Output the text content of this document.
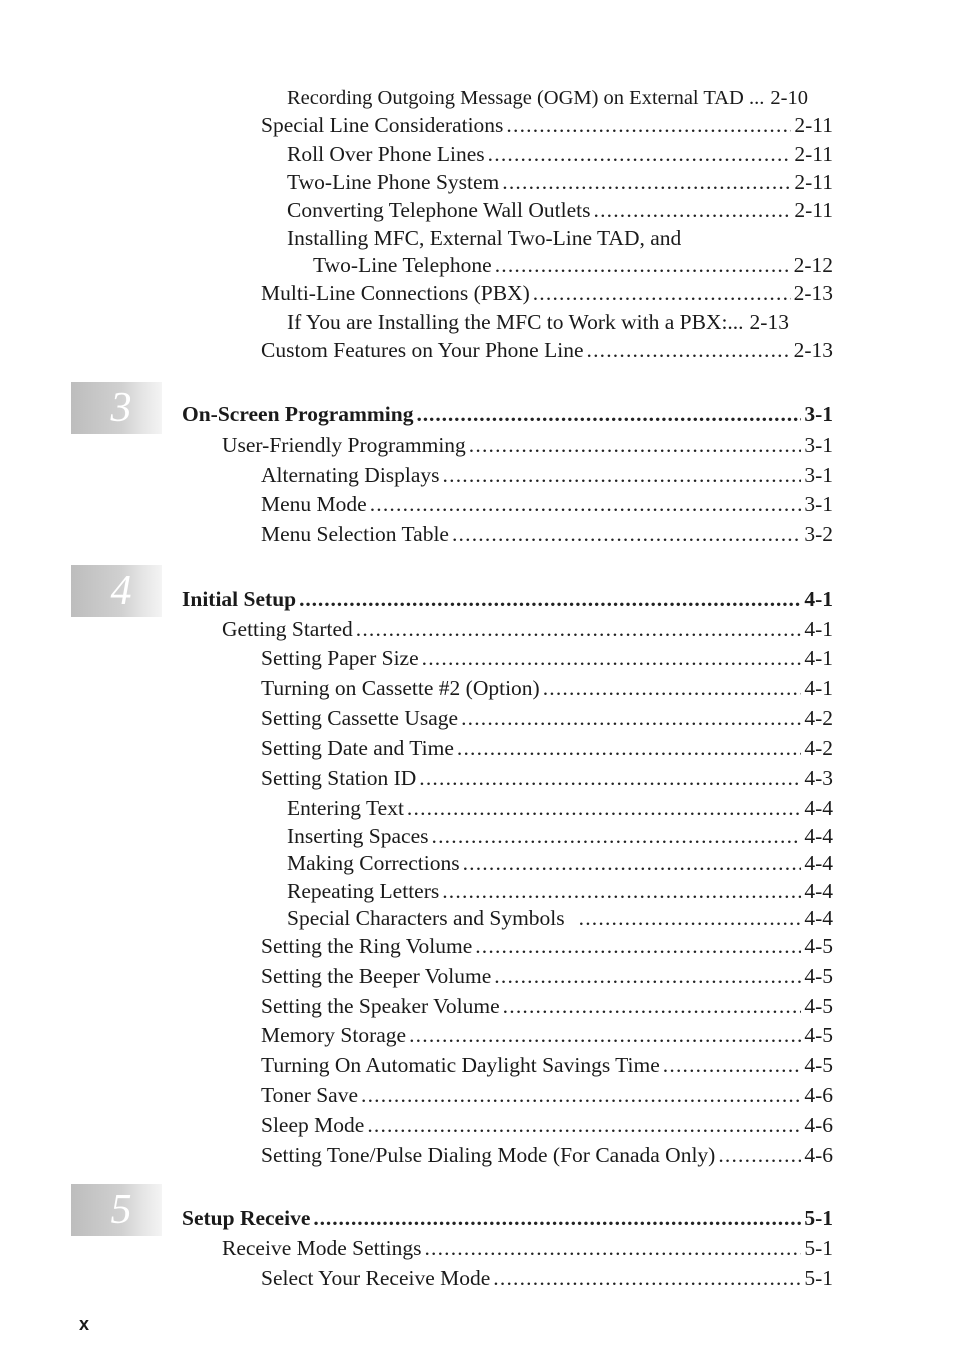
Recording Outgoing Message (OGM) on External TAD ... 2-10
Special Line Considerations .....	2-11
Roll Over Phone Lines .....	2-11
Two-Line Phone System .....	2-11
Converting Telephone Wall Outlets .....	2-11
Installing MFC, External Two-Line TAD, and
Two-Line Telephone .....	2-12
Multi-Line Connections (PBX) .....	2-13
If You are Installing the MFC to Work with a PBX:... 2-13
Custom Features on Your Phone Line .....	2-13
3	On-Screen Programming .....	3-1
User-Friendly Programming .....	3-1
Alternating Displays .....	3-1
Menu Mode .....	3-1
Menu Selection Table .....	3-2
4	Initial Setup .....	4-1
Getting Started .....	4-1
Setting Paper Size .....	4-1
Turning on Cassette #2 (Option) .....	4-1
Setting Cassette Usage .....	4-2
Setting Date and Time .....	4-2
Setting Station ID .....	4-3
Entering Text .....	4-4
Inserting Spaces .....	4-4
Making Corrections .....	4-4
Repeating Letters .....	4-4
Special Characters and Symbols .....	4-4
Setting the Ring Volume .....	4-5
Setting the Beeper Volume .....	4-5
Setting the Speaker Volume .....	4-5
Memory Storage .....	4-5
Turning On Automatic Daylight Savings Time .....	4-5
Toner Save .....	4-6
Sleep Mode .....	4-6
Setting Tone/Pulse Dialing Mode (For Canada Only) .....	4-6
5	Setup Receive .....	5-1
Receive Mode Settings .....	5-1
Select Your Receive Mode .....	5-1
x
